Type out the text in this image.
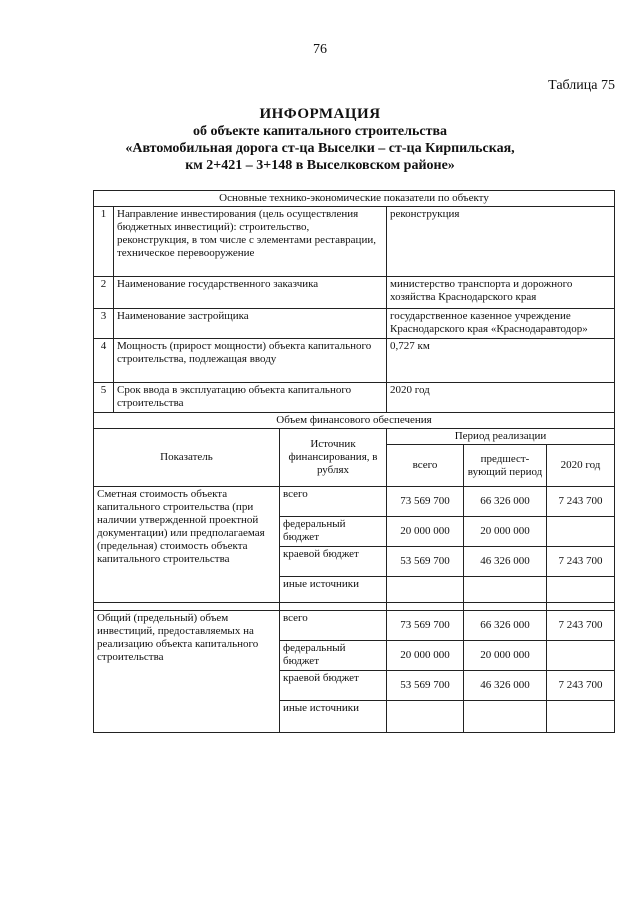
76
Таблица 75
ИНФОРМАЦИЯ
об объекте капитального строительства
«Автомобильная дорога ст-ца Выселки – ст-ца Кирпильская,
км 2+421 – 3+148 в Выселковском районе»
Основные технико-экономические показатели по объекту					
1	Направление инвестирования (цель осуществления бюджетных инвестиций): строительство, реконструкция, в том числе с элементами реставрации, техническое перевооружение		реконструкция		
2	Наименование государственного заказчика		министерство транспорта и дорожного хозяйства Краснодарского края		
3	Наименование застройщика		государственное казенное учреждение Краснодарского края «Краснодаравтодор»		
4	Мощность (прирост мощности) объекта капитального строительства, подлежащая вводу		0,727 км		
5	Срок ввода в эксплуатацию объекта капитального строительства		2020 год		
Объем финансового обеспечения					
Показатель		Источник финансирования, в рублях	Период реализации		
			всего	предшест-вующий период	2020 год
Сметная стоимость объекта капитального строительства (при наличии утвержденной проектной документации) или предполагаемая (предельная) стоимость объекта капитального строительства		всего	73 569 700	66 326 000	7 243 700
		федеральный бюджет	20 000 000	20 000 000	
		краевой бюджет	53 569 700	46 326 000	7 243 700
		иные источники			

Общий (предельный) объем инвестиций, предоставляемых на реализацию объекта капитального строительства		всего	73 569 700	66 326 000	7 243 700
		федеральный бюджет	20 000 000	20 000 000	
		краевой бюджет	53 569 700	46 326 000	7 243 700
		иные источники			
